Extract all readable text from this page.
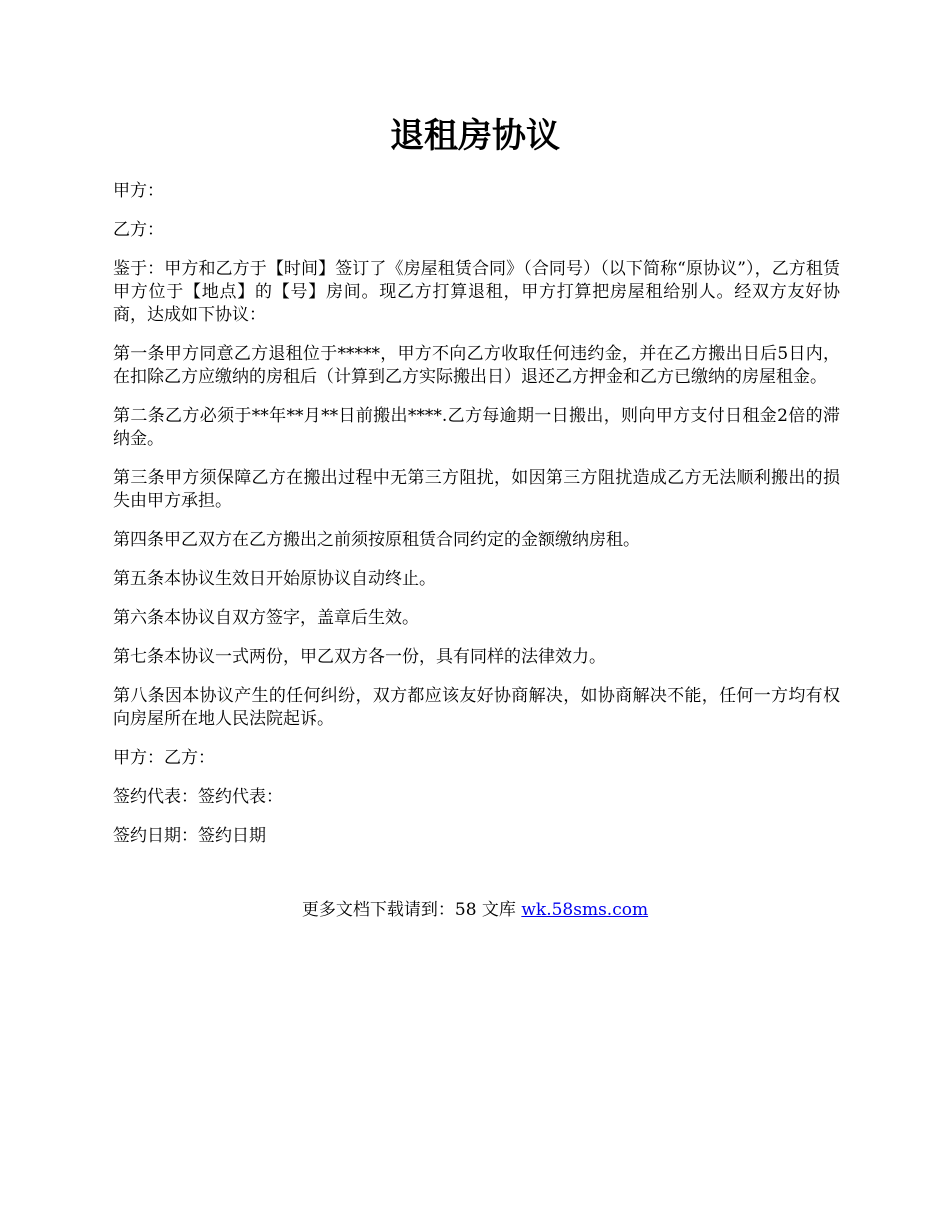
退租房协议

甲方：

乙方：

鉴于：甲方和乙方于【时间】签订了《房屋租赁合同》（合同号）（以下简称“原协议”），乙方租赁甲方位于【地点】的【号】房间。现乙方打算退租，甲方打算把房屋租给别人。经双方友好协商，达成如下协议：

第一条甲方同意乙方退租位于*****，甲方不向乙方收取任何违约金，并在乙方搬出日后5日内，在扣除乙方应缴纳的房租后（计算到乙方实际搬出日）退还乙方押金和乙方已缴纳的房屋租金。

第二条乙方必须于**年**月**日前搬出****.乙方每逾期一日搬出，则向甲方支付日租金2倍的滞纳金。

第三条甲方须保障乙方在搬出过程中无第三方阻扰，如因第三方阻扰造成乙方无法顺利搬出的损失由甲方承担。

第四条甲乙双方在乙方搬出之前须按原租赁合同约定的金额缴纳房租。

第五条本协议生效日开始原协议自动终止。

第六条本协议自双方签字，盖章后生效。

第七条本协议一式两份，甲乙双方各一份，具有同样的法律效力。

第八条因本协议产生的任何纠纷，双方都应该友好协商解决，如协商解决不能，任何一方均有权向房屋所在地人民法院起诉。

甲方：乙方：

签约代表：签约代表：

签约日期：签约日期

更多文档下载请到：58 文库 wk.58sms.com
